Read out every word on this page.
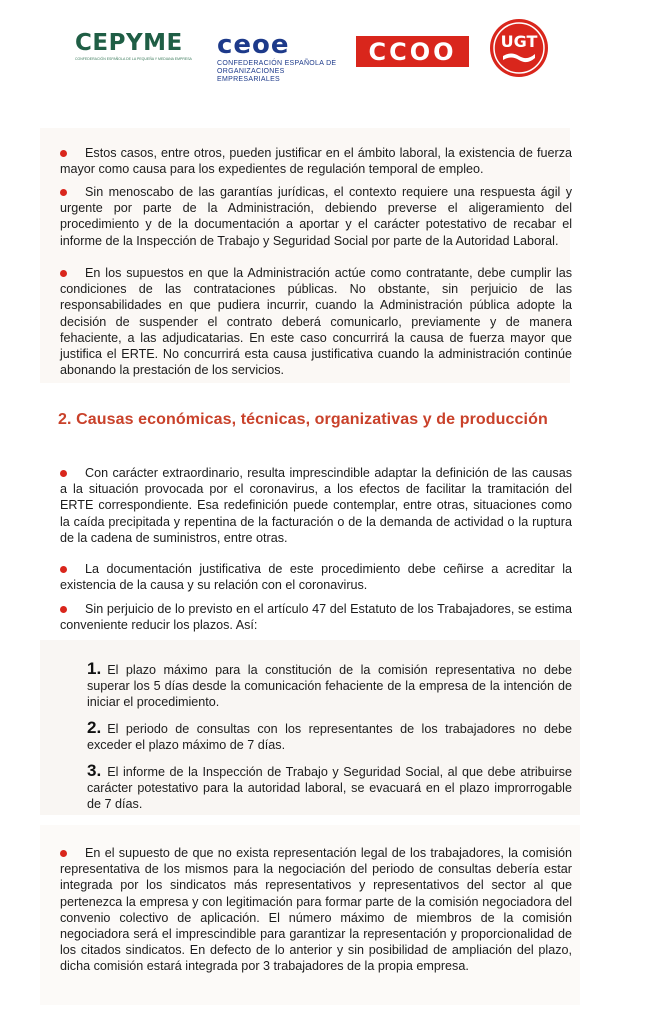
CEPYME
CONFEDERACIÓN ESPAÑOLA DE LA PEQUEÑA Y MEDIANA EMPRESA ceoe
CONFEDERACIÓN ESPAÑOLA DE ORGANIZACIONES EMPRESARIALES
CCOO	UGT
Estos casos, entre otros, pueden justificar en el ámbito laboral, la existencia de fuerza mayor como causa para los expedientes de regulación temporal de empleo.
Sin menoscabo de las garantías jurídicas, el contexto requiere una respuesta ágil y urgente por parte de la Administración, debiendo preverse el aligeramiento del procedimiento y de la documentación a aportar y el carácter potestativo de recabar el informe de la Inspección de Trabajo y Seguridad Social por parte de la Autoridad Laboral.
En los supuestos en que la Administración actúe como contratante, debe cumplir las condiciones de las contrataciones públicas. No obstante, sin perjuicio de las responsabilidades en que pudiera incurrir, cuando la Administración pública adopte la decisión de suspender el contrato deberá comunicarlo, previamente y de manera fehaciente, a las adjudicatarias. En este caso concurrirá la causa de fuerza mayor que justifica el ERTE. No concurrirá esta causa justificativa cuando la administración continúe abonando la prestación de los servicios.
2. Causas económicas, técnicas, organizativas y de producción
Con carácter extraordinario, resulta imprescindible adaptar la definición de las causas a la situación provocada por el coronavirus, a los efectos de facilitar la tramitación del ERTE correspondiente. Esa redefinición puede contemplar, entre otras, situaciones como la caída precipitada y repentina de la facturación o de la demanda de actividad o la ruptura de la cadena de suministros, entre otras.
La documentación justificativa de este procedimiento debe ceñirse a acreditar la existencia de la causa y su relación con el coronavirus.
Sin perjuicio de lo previsto en el artículo 47 del Estatuto de los Trabajadores, se estima conveniente reducir los plazos. Así:
1. El plazo máximo para la constitución de la comisión representativa no debe superar los 5 días desde la comunicación fehaciente de la empresa de la intención de iniciar el procedimiento.
2. El periodo de consultas con los representantes de los trabajadores no debe exceder el plazo máximo de 7 días.
3. El informe de la Inspección de Trabajo y Seguridad Social, al que debe atribuirse carácter potestativo para la autoridad laboral, se evacuará en el plazo improrrogable de 7 días.
En el supuesto de que no exista representación legal de los trabajadores, la comisión representativa de los mismos para la negociación del periodo de consultas debería estar integrada por los sindicatos más representativos y representativos del sector al que pertenezca la empresa y con legitimación para formar parte de la comisión negociadora del convenio colectivo de aplicación. El número máximo de miembros de la comisión negociadora será el imprescindible para garantizar la representación y proporcionalidad de los citados sindicatos. En defecto de lo anterior y sin posibilidad de ampliación del plazo, dicha comisión estará integrada por 3 trabajadores de la propia empresa.
